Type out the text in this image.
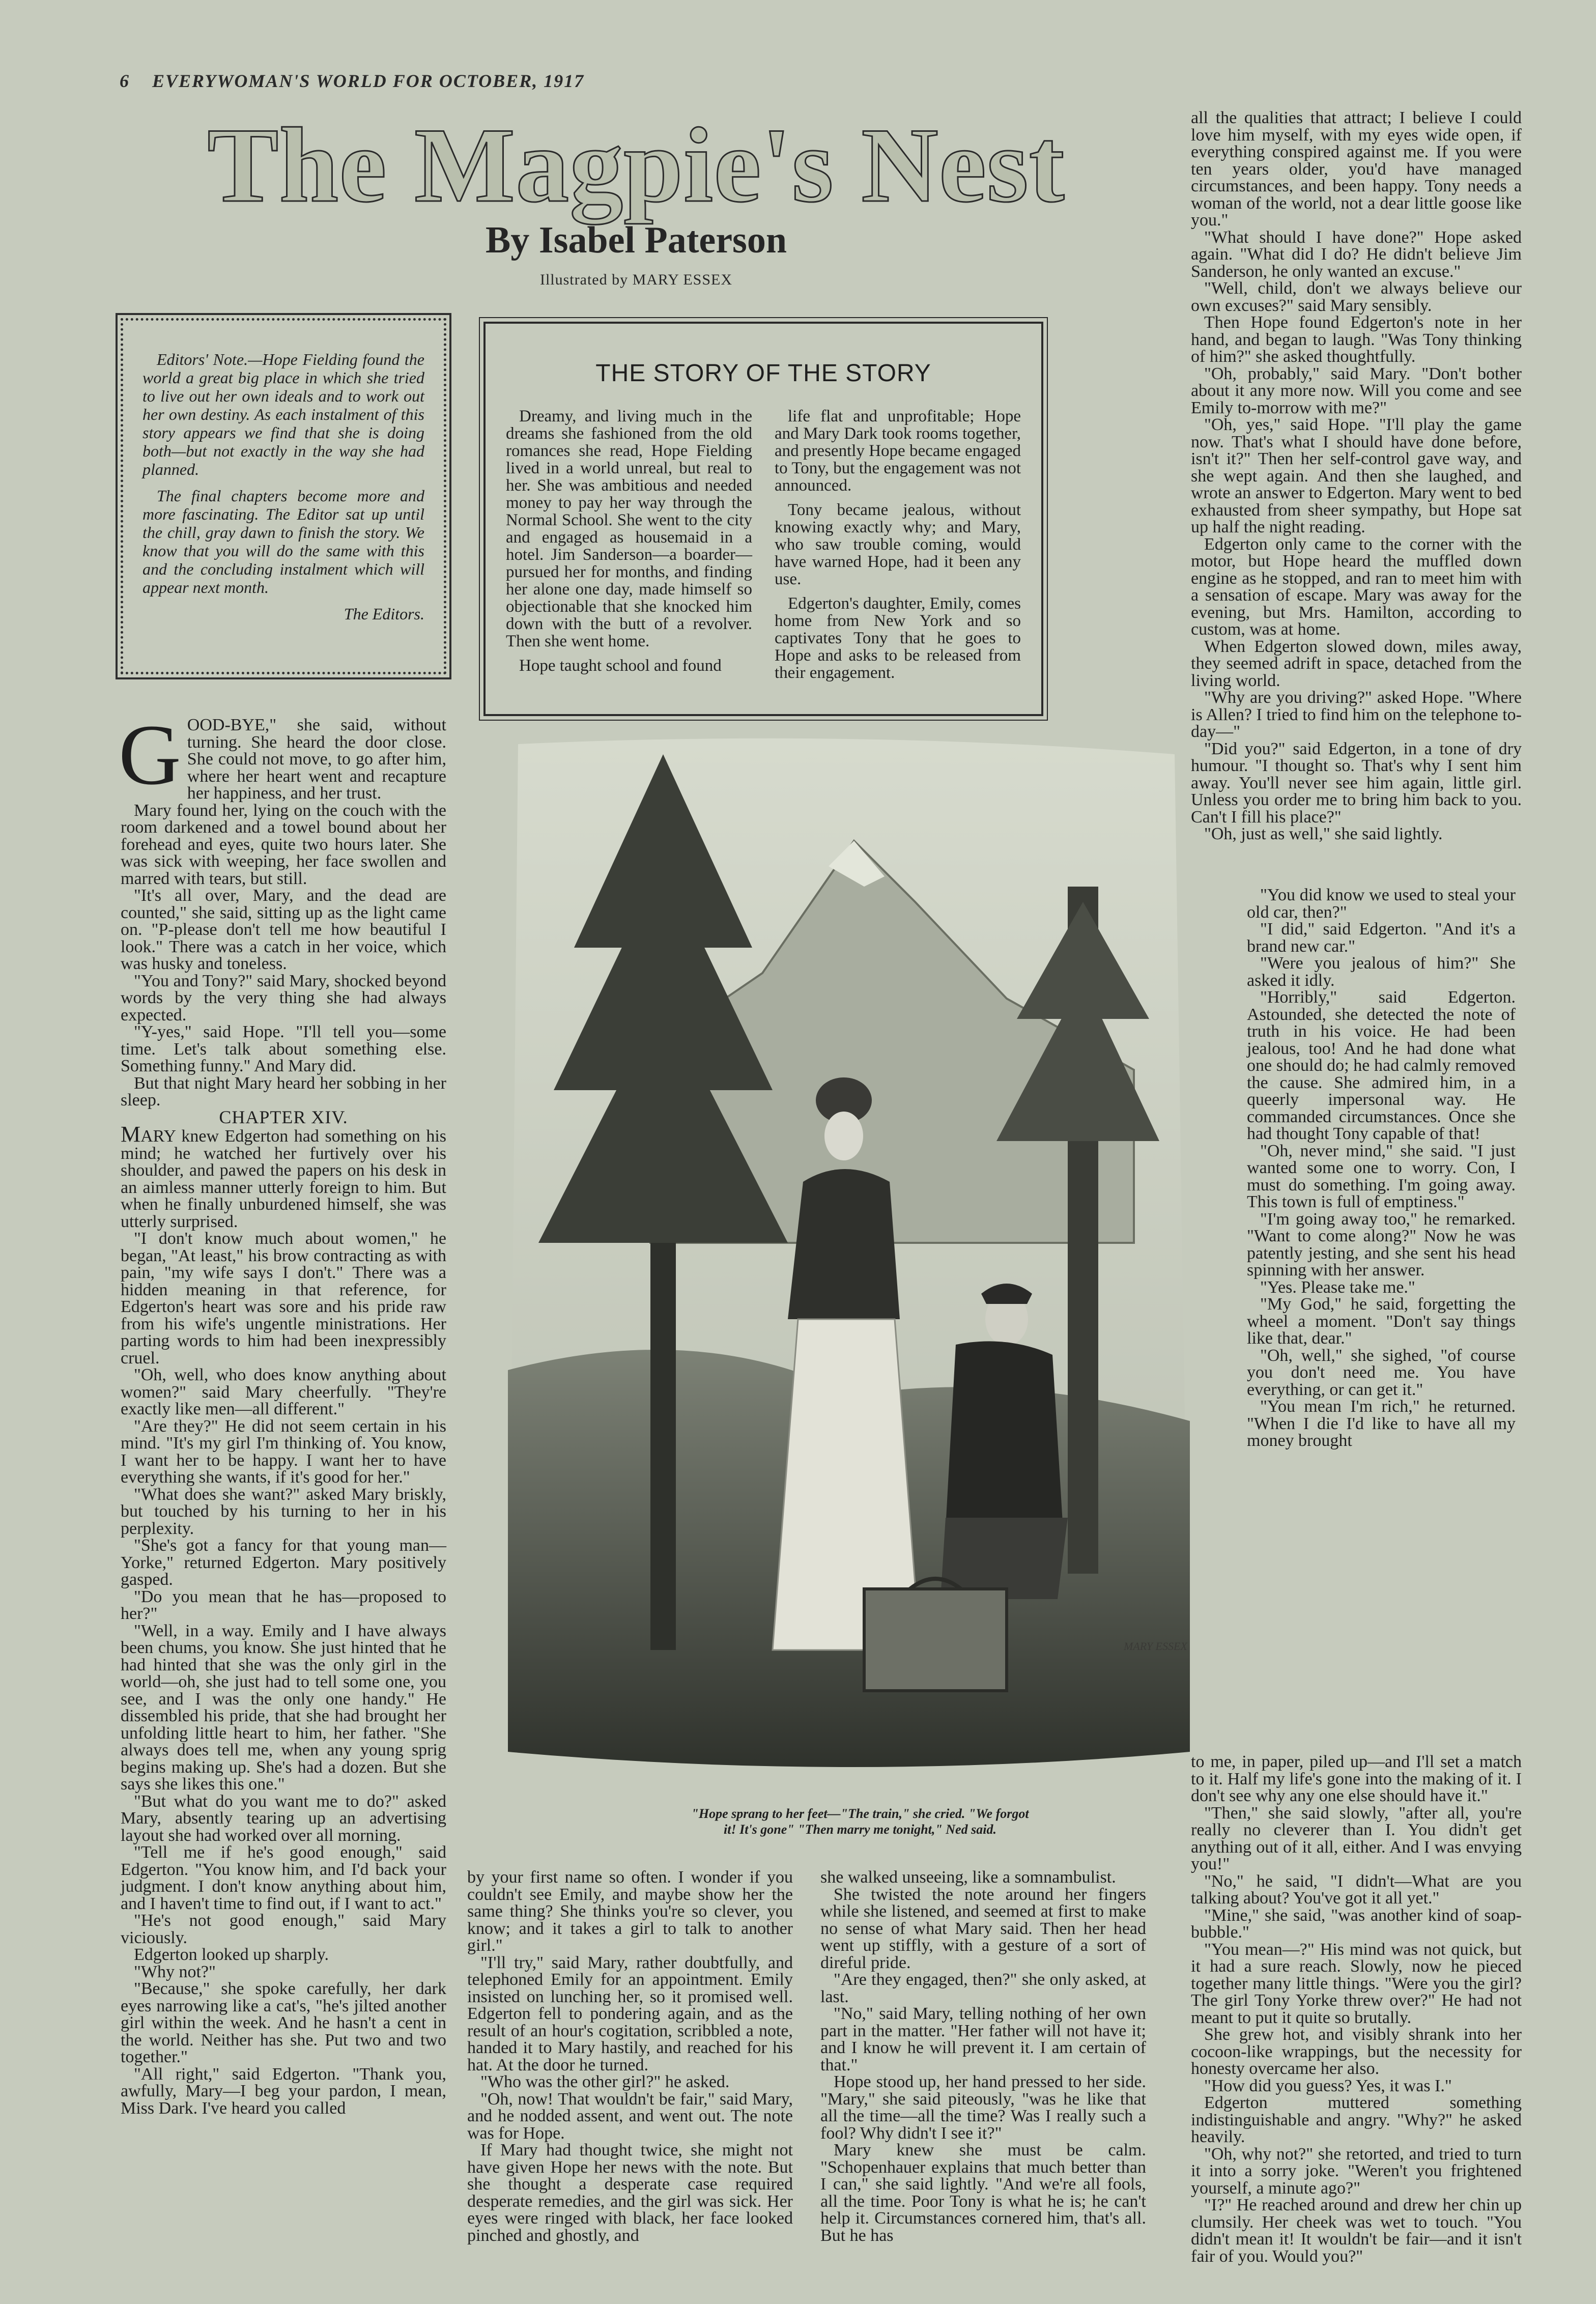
6 EVERYWOMAN'S WORLD FOR OCTOBER, 1917
The Magpie's Nest
By Isabel Paterson
Illustrated by MARY ESSEX

Editors' Note.—Hope Fielding found the world a great big place in which she tried to live out her own ideals and to work out her own destiny. As each instalment of this story appears we find that she is doing both—but not exactly in the way she had planned.

The final chapters become more and more fascinating. The Editor sat up until the chill, gray dawn to finish the story. We know that you will do the same with this and the concluding instalment which will appear next month.

The Editors.

THE STORY OF THE STORY

Dreamy, and living much in the dreams she fashioned from the old romances she read, Hope Fielding lived in a world unreal, but real to her. She was ambitious and needed money to pay her way through the Normal School. She went to the city and engaged as housemaid in a hotel. Jim Sanderson—a boarder— pursued her for months, and finding her alone one day, made himself so objectionable that she knocked him down with the butt of a revolver. Then she went home.

Hope taught school and found

life flat and unprofitable; Hope and Mary Dark took rooms together, and presently Hope became engaged to Tony, but the engagement was not announced.

Tony became jealous, without knowing exactly why; and Mary, who saw trouble coming, would have warned Hope, had it been any use.

Edgerton's daughter, Emily, comes home from New York and so captivates Tony that he goes to Hope and asks to be released from their engagement.

MARY ESSEX
"Hope sprang to her feet—"The train," she cried. "We forgot
it! It's gone" "Then marry me tonight," Ned said.

GOOD-BYE," she said, without turning. She heard the door close. She could not move, to go after him, where her heart went and recapture her happiness, and her trust.

Mary found her, lying on the couch with the room darkened and a towel bound about her forehead and eyes, quite two hours later. She was sick with weeping, her face swollen and marred with tears, but still.

"It's all over, Mary, and the dead are counted," she said, sitting up as the light came on. "P-please don't tell me how beautiful I look." There was a catch in her voice, which was husky and toneless.

"You and Tony?" said Mary, shocked beyond words by the very thing she had always expected.

"Y-yes," said Hope. "I'll tell you—some time. Let's talk about something else. Something funny." And Mary did.

But that night Mary heard her sobbing in her sleep.

CHAPTER XIV.

MARY knew Edgerton had something on his mind; he watched her furtively over his shoulder, and pawed the papers on his desk in an aimless manner utterly foreign to him. But when he finally unburdened himself, she was utterly surprised.

"I don't know much about women," he began, "At least," his brow contracting as with pain, "my wife says I don't." There was a hidden meaning in that reference, for Edgerton's heart was sore and his pride raw from his wife's ungentle ministrations. Her parting words to him had been inexpressibly cruel.

"Oh, well, who does know anything about women?" said Mary cheerfully. "They're exactly like men—all different."

"Are they?" He did not seem certain in his mind. "It's my girl I'm thinking of. You know, I want her to be happy. I want her to have everything she wants, if it's good for her."

"What does she want?" asked Mary briskly, but touched by his turning to her in his perplexity.

"She's got a fancy for that young man—Yorke," returned Edgerton. Mary positively gasped.

"Do you mean that he has—proposed to her?"

"Well, in a way. Emily and I have always been chums, you know. She just hinted that he had hinted that she was the only girl in the world—oh, she just had to tell some one, you see, and I was the only one handy." He dissembled his pride, that she had brought her unfolding little heart to him, her father. "She always does tell me, when any young sprig begins making up. She's had a dozen. But she says she likes this one."

"But what do you want me to do?" asked Mary, absently tearing up an advertising layout she had worked over all morning.

"Tell me if he's good enough," said Edgerton. "You know him, and I'd back your judgment. I don't know anything about him, and I haven't time to find out, if I want to act."

"He's not good enough," said Mary viciously.

Edgerton looked up sharply.

"Why not?"

"Because," she spoke carefully, her dark eyes narrowing like a cat's, "he's jilted another girl within the week. And he hasn't a cent in the world. Neither has she. Put two and two together."

"All right," said Edgerton. "Thank you, awfully, Mary—I beg your pardon, I mean, Miss Dark. I've heard you called

by your first name so often. I wonder if you couldn't see Emily, and maybe show her the same thing? She thinks you're so clever, you know; and it takes a girl to talk to another girl."

"I'll try," said Mary, rather doubtfully, and telephoned Emily for an appointment. Emily insisted on lunching her, so it promised well. Edgerton fell to pondering again, and as the result of an hour's cogitation, scribbled a note, handed it to Mary hastily, and reached for his hat. At the door he turned.

"Who was the other girl?" he asked.

"Oh, now! That wouldn't be fair," said Mary, and he nodded assent, and went out. The note was for Hope.

If Mary had thought twice, she might not have given Hope her news with the note. But she thought a desperate case required desperate remedies, and the girl was sick. Her eyes were ringed with black, her face looked pinched and ghostly, and

she walked unseeing, like a somnambulist.

She twisted the note around her fingers while she listened, and seemed at first to make no sense of what Mary said. Then her head went up stiffly, with a gesture of a sort of direful pride.

"Are they engaged, then?" she only asked, at last.

"No," said Mary, telling nothing of her own part in the matter. "Her father will not have it; and I know he will prevent it. I am certain of that."

Hope stood up, her hand pressed to her side. "Mary," she said piteously, "was he like that all the time—all the time? Was I really such a fool? Why didn't I see it?"

Mary knew she must be calm. "Schopenhauer explains that much better than I can," she said lightly. "And we're all fools, all the time. Poor Tony is what he is; he can't help it. Circumstances cornered him, that's all. But he has

all the qualities that attract; I believe I could love him myself, with my eyes wide open, if everything conspired against me. If you were ten years older, you'd have managed circumstances, and been happy. Tony needs a woman of the world, not a dear little goose like you."

"What should I have done?" Hope asked again. "What did I do? He didn't believe Jim Sanderson, he only wanted an excuse."

"Well, child, don't we always believe our own excuses?" said Mary sensibly.

Then Hope found Edgerton's note in her hand, and began to laugh. "Was Tony thinking of him?" she asked thoughtfully.

"Oh, probably," said Mary. "Don't bother about it any more now. Will you come and see Emily to-morrow with me?"

"Oh, yes," said Hope. "I'll play the game now. That's what I should have done before, isn't it?" Then her self-control gave way, and she wept again. And then she laughed, and wrote an answer to Edgerton. Mary went to bed exhausted from sheer sympathy, but Hope sat up half the night reading.

Edgerton only came to the corner with the motor, but Hope heard the muffled down engine as he stopped, and ran to meet him with a sensation of escape. Mary was away for the evening, but Mrs. Hamilton, according to custom, was at home.

When Edgerton slowed down, miles away, they seemed adrift in space, detached from the living world.

"Why are you driving?" asked Hope. "Where is Allen? I tried to find him on the telephone to-day—"

"Did you?" said Edgerton, in a tone of dry humour. "I thought so. That's why I sent him away. You'll never see him again, little girl. Unless you order me to bring him back to you. Can't I fill his place?"

"Oh, just as well," she said lightly.

"You did know we used to steal your old car, then?"

"I did," said Edgerton. "And it's a brand new car."

"Were you jealous of him?" She asked it idly.

"Horribly," said Edgerton. Astounded, she detected the note of truth in his voice. He had been jealous, too! And he had done what one should do; he had calmly removed the cause. She admired him, in a queerly impersonal way. He commanded circumstances. Once she had thought Tony capable of that!

"Oh, never mind," she said. "I just wanted some one to worry. Con, I must do something. I'm going away. This town is full of emptiness."

"I'm going away too," he remarked. "Want to come along?" Now he was patently jesting, and she sent his head spinning with her answer.

"Yes. Please take me."

"My God," he said, forgetting the wheel a moment. "Don't say things like that, dear."

"Oh, well," she sighed, "of course you don't need me. You have everything, or can get it."

"You mean I'm rich," he returned. "When I die I'd like to have all my money brought

to me, in paper, piled up—and I'll set a match to it. Half my life's gone into the making of it. I don't see why any one else should have it."

"Then," she said slowly, "after all, you're really no cleverer than I. You didn't get anything out of it all, either. And I was envying you!"

"No," he said, "I didn't—What are you talking about? You've got it all yet."

"Mine," she said, "was another kind of soap-bubble."

"You mean—?" His mind was not quick, but it had a sure reach. Slowly, now he pieced together many little things. "Were you the girl? The girl Tony Yorke threw over?" He had not meant to put it quite so brutally.

She grew hot, and visibly shrank into her cocoon-like wrappings, but the necessity for honesty overcame her also.

"How did you guess? Yes, it was I."

Edgerton muttered something indistinguishable and angry. "Why?" he asked heavily.

"Oh, why not?" she retorted, and tried to turn it into a sorry joke. "Weren't you frightened yourself, a minute ago?"

"I?" He reached around and drew her chin up clumsily. Her cheek was wet to touch. "You didn't mean it! It wouldn't be fair—and it isn't fair of you. Would you?"
